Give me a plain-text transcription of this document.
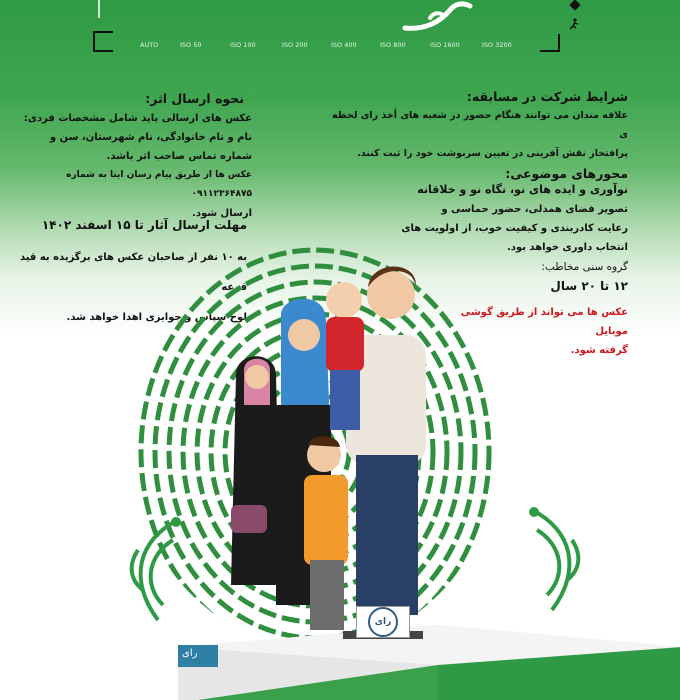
AUTO	ISO 50	ISO 100	ISO 200	ISO 400	ISO 800	ISO 1600	ISO 3200
نحوه ارسال اثر:
عکس های ارسالی باید شامل مشخصات فردی:
نام و نام خانوادگی، نام شهرستان، سن و
شماره تماس صاحب اثر باشد.
عکس ها از طریق پیام رسان ایتا به شماره ۰۹۱۱۲۳۶۴۸۷۵
ارسال شود.
مهلت ارسال آثار تا ۱۵ اسفند ۱۴۰۲
به ۱۰ نفر از صاحبان عکس های برگزیده به قید قرعه
لوح سپاس و جوایزی اهدا خواهد شد.
شرایط شرکت در مسابقه:
علاقه مندان می توانند هنگام حضور در شعبه های أخذ رای لحظه ی
پرافتخار نقش آفرینی در تعیین سرنوشت خود را ثبت کنند.
محورهای موضوعی:
نوآوری و ایده های نو، نگاه نو و خلاقانه
تصویر فضای همدلی، حضور حماسی و
رعایت کادربندی و کیفیت خوب، از اولویت های
انتخاب داوری خواهد بود.
گروه سنی مخاطب:
۱۲ تا ۲۰ سال
عکس ها می تواند از طریق گوشی موبایل
گرفته شود.
رای
رای
